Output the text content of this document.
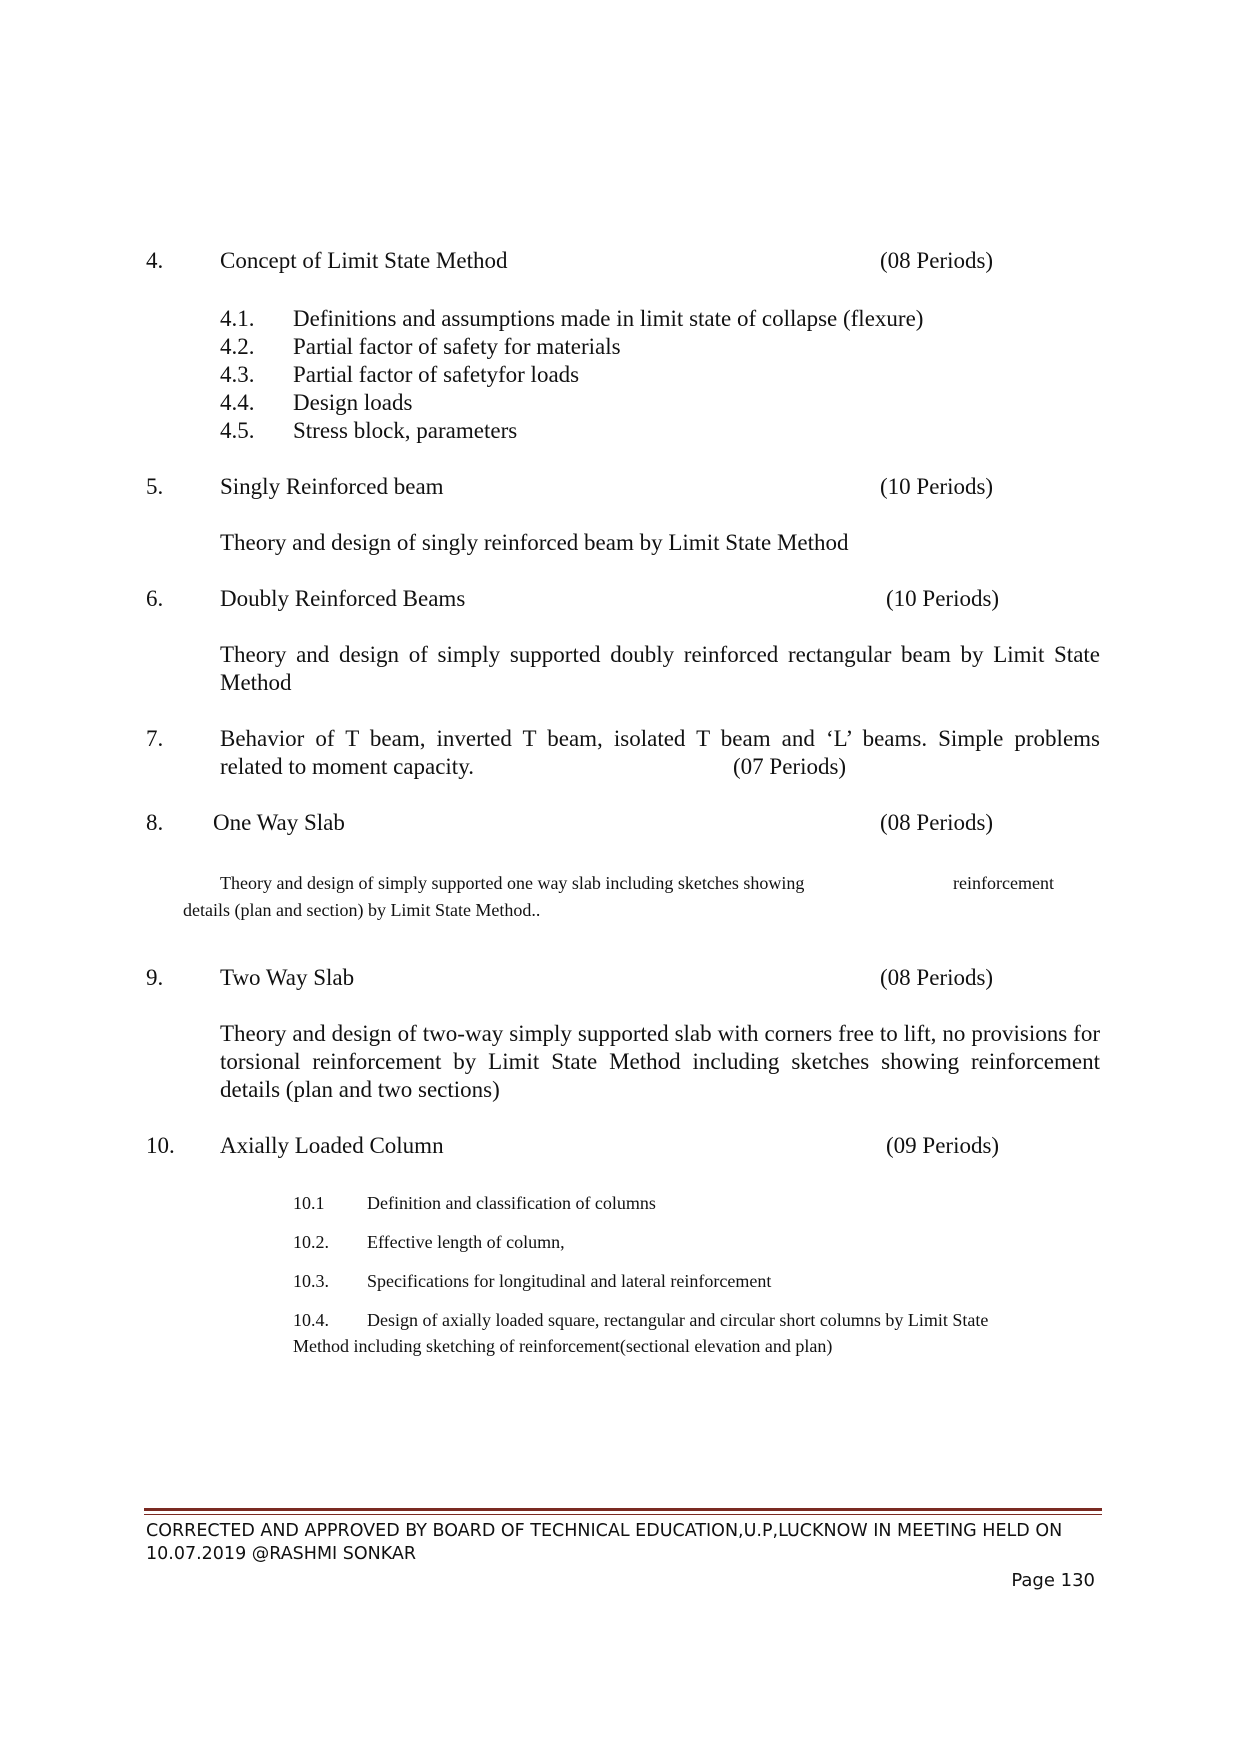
4. Concept of Limit State Method	(08 Periods)
4.1. Definitions and assumptions made in limit state of collapse (flexure)
4.2. Partial factor of safety for materials
4.3. Partial factor of safetyfor loads
4.4. Design loads
4.5. Stress block, parameters
5. Singly Reinforced beam	(10 Periods)
Theory and design of singly reinforced beam by Limit State Method
6. Doubly Reinforced Beams	(10 Periods)
Theory and design of simply supported doubly reinforced rectangular beam by Limit State Method
7. Behavior of T beam, inverted T beam, isolated T beam and ‘L’ beams. Simple problems
related to moment capacity.	(07 Periods)
8. One Way Slab	(08 Periods)
Theory and design of simply supported one way slab including sketches showing	reinforcement
details (plan and section) by Limit State Method..
9. Two Way Slab	(08 Periods)
Theory and design of two-way simply supported slab with corners free to lift, no provisions for torsional reinforcement by Limit State Method including sketches showing reinforcement details (plan and two sections)
10. Axially Loaded Column	(09 Periods)
10.1 Definition and classification of columns
10.2. Effective length of column,
10.3. Specifications for longitudinal and lateral reinforcement
10.4. Design of axially loaded square, rectangular and circular short columns by Limit State
Method including sketching of reinforcement(sectional elevation and plan)
CORRECTED AND APPROVED BY BOARD OF TECHNICAL EDUCATION,U.P,LUCKNOW IN MEETING HELD ON
10.07.2019 @RASHMI SONKAR
Page 130
